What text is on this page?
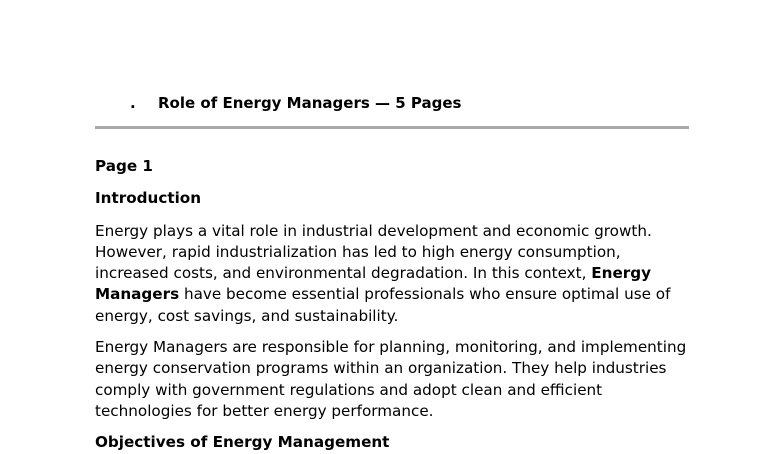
. Role of Energy Managers — 5 Pages

Page 1

Introduction

Energy plays a vital role in industrial development and economic growth. However, rapid industrialization has led to high energy consumption, increased costs, and environmental degradation. In this context, Energy Managers have become essential professionals who ensure optimal use of energy, cost savings, and sustainability.

Energy Managers are responsible for planning, monitoring, and implementing energy conservation programs within an organization. They help industries comply with government regulations and adopt clean and efficient technologies for better energy performance.

Objectives of Energy Management
